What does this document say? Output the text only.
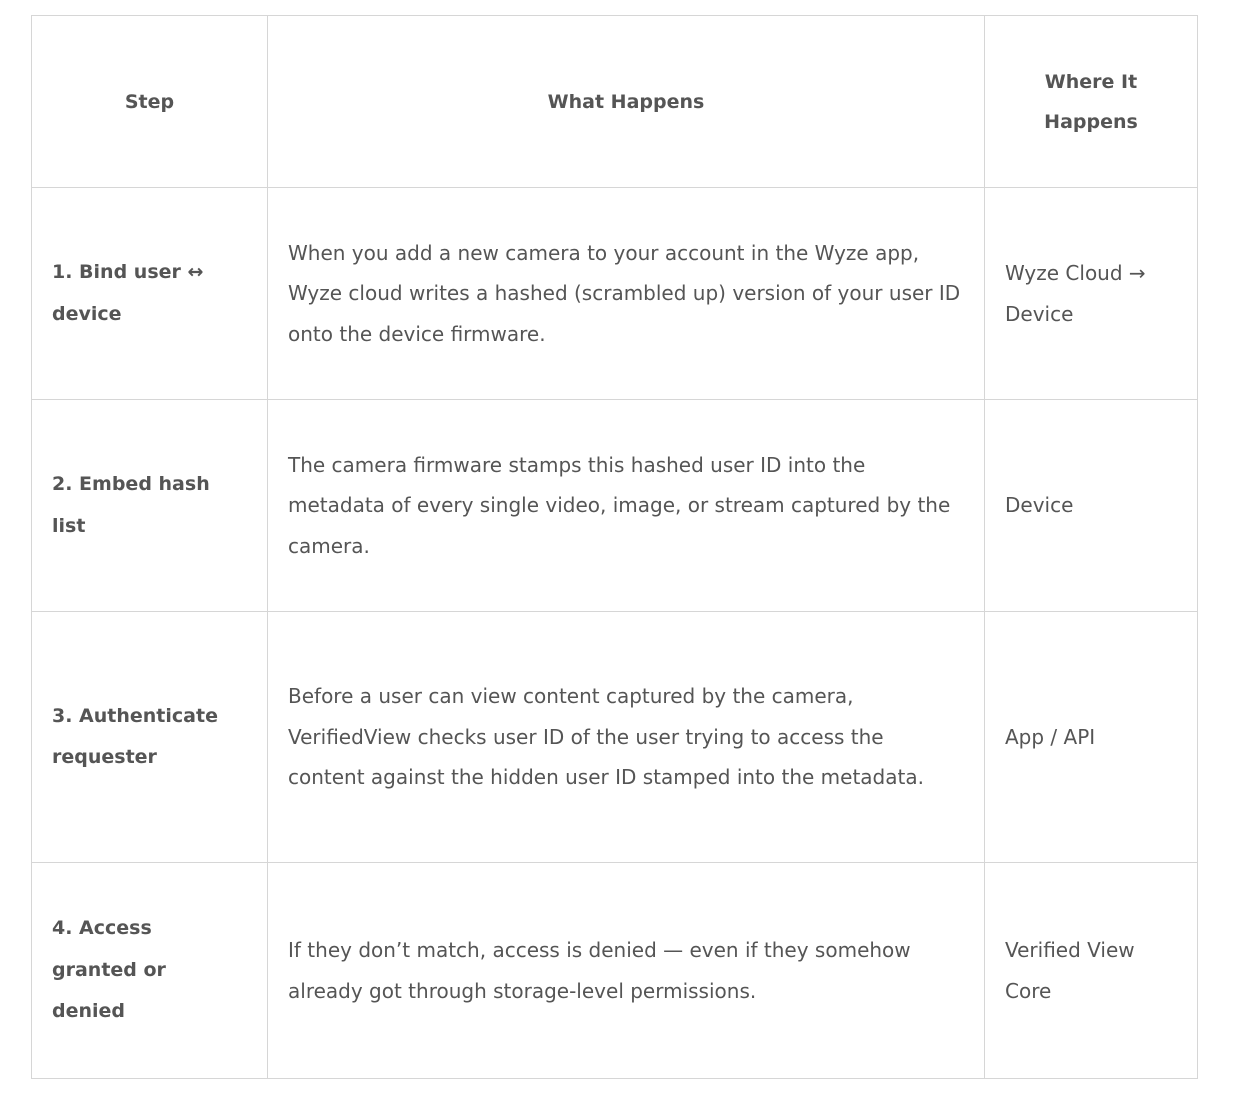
Step	What Happens	Where It Happens
1. Bind user ↔ device	When you add a new camera to your account in the Wyze app, Wyze cloud writes a hashed (scrambled up) version of your user ID onto the device firmware.	Wyze Cloud → Device
2. Embed hash list	The camera firmware stamps this hashed user ID into the metadata of every single video, image, or stream captured by the camera.	Device
3. Authenticate requester	Before a user can view content captured by the camera, VerifiedView checks user ID of the user trying to access the content against the hidden user ID stamped into the metadata.	App / API
4. Access granted or denied	If they don’t match, access is denied — even if they somehow already got through storage-level permissions.	Verified View Core
